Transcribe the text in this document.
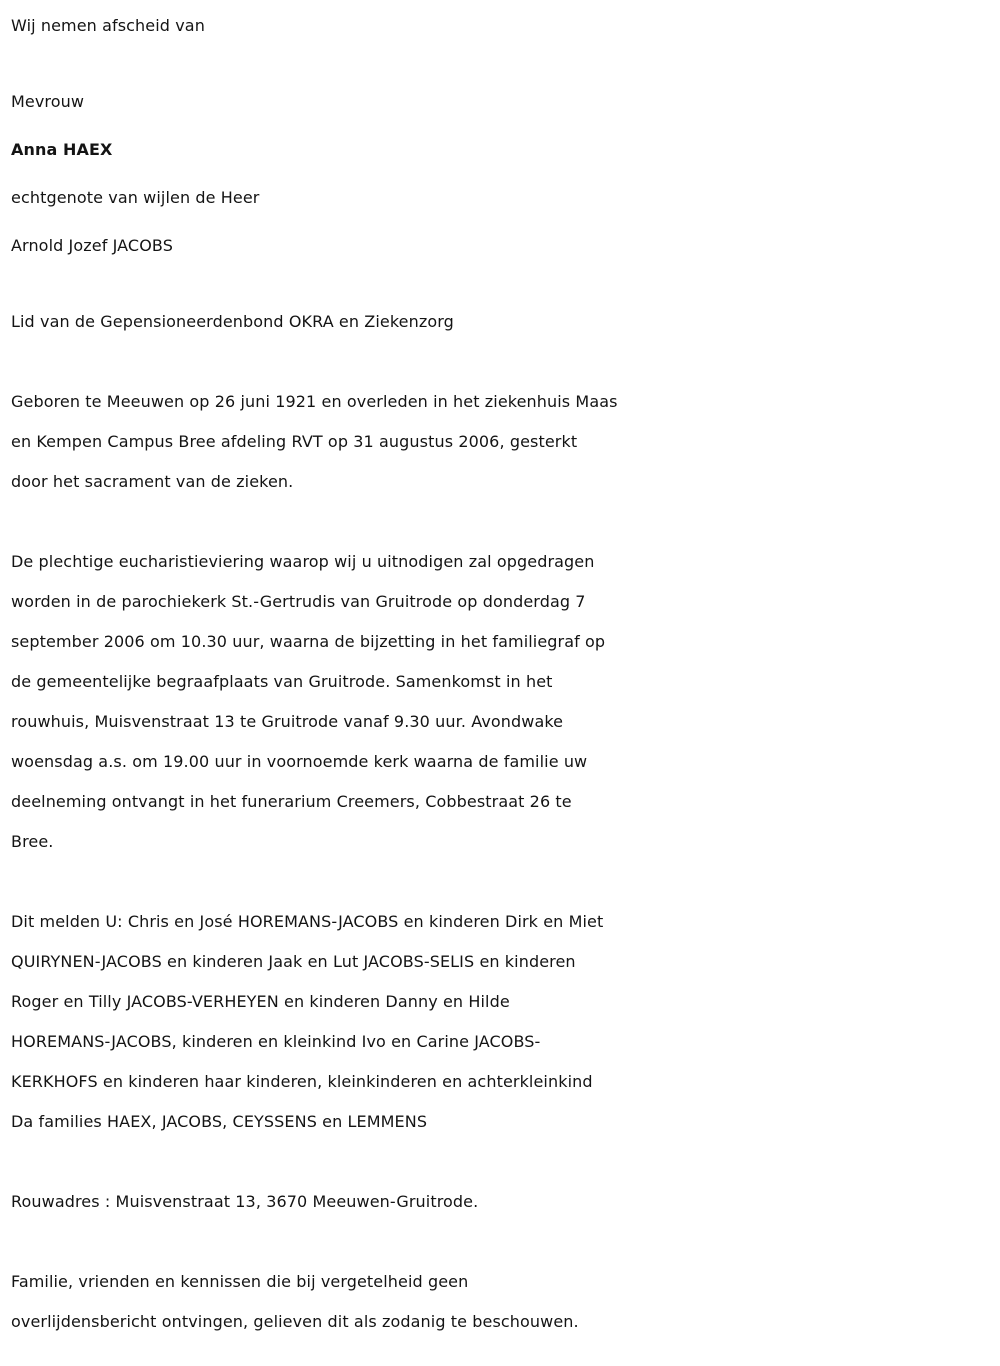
Wij nemen afscheid van
Mevrouw
Anna HAEX
echtgenote van wijlen de Heer
Arnold Jozef JACOBS
Lid van de Gepensioneerdenbond OKRA en Ziekenzorg
Geboren te Meeuwen op 26 juni 1921 en overleden in het ziekenhuis Maas
en Kempen Campus Bree afdeling RVT op 31 augustus 2006, gesterkt
door het sacrament van de zieken.
De plechtige eucharistieviering waarop wij u uitnodigen zal opgedragen
worden in de parochiekerk St.-Gertrudis van Gruitrode op donderdag 7
september 2006 om 10.30 uur, waarna de bijzetting in het familiegraf op
de gemeentelijke begraafplaats van Gruitrode. Samenkomst in het
rouwhuis, Muisvenstraat 13 te Gruitrode vanaf 9.30 uur. Avondwake
woensdag a.s. om 19.00 uur in voornoemde kerk waarna de familie uw
deelneming ontvangt in het funerarium Creemers, Cobbestraat 26 te
Bree.
Dit melden U: Chris en José HOREMANS-JACOBS en kinderen Dirk en Miet
QUIRYNEN-JACOBS en kinderen Jaak en Lut JACOBS-SELIS en kinderen
Roger en Tilly JACOBS-VERHEYEN en kinderen Danny en Hilde
HOREMANS-JACOBS, kinderen en kleinkind Ivo en Carine JACOBS-
KERKHOFS en kinderen haar kinderen, kleinkinderen en achterkleinkind
Da families HAEX, JACOBS, CEYSSENS en LEMMENS
Rouwadres : Muisvenstraat 13, 3670 Meeuwen-Gruitrode.
Familie, vrienden en kennissen die bij vergetelheid geen
overlijdensbericht ontvingen, gelieven dit als zodanig te beschouwen.
